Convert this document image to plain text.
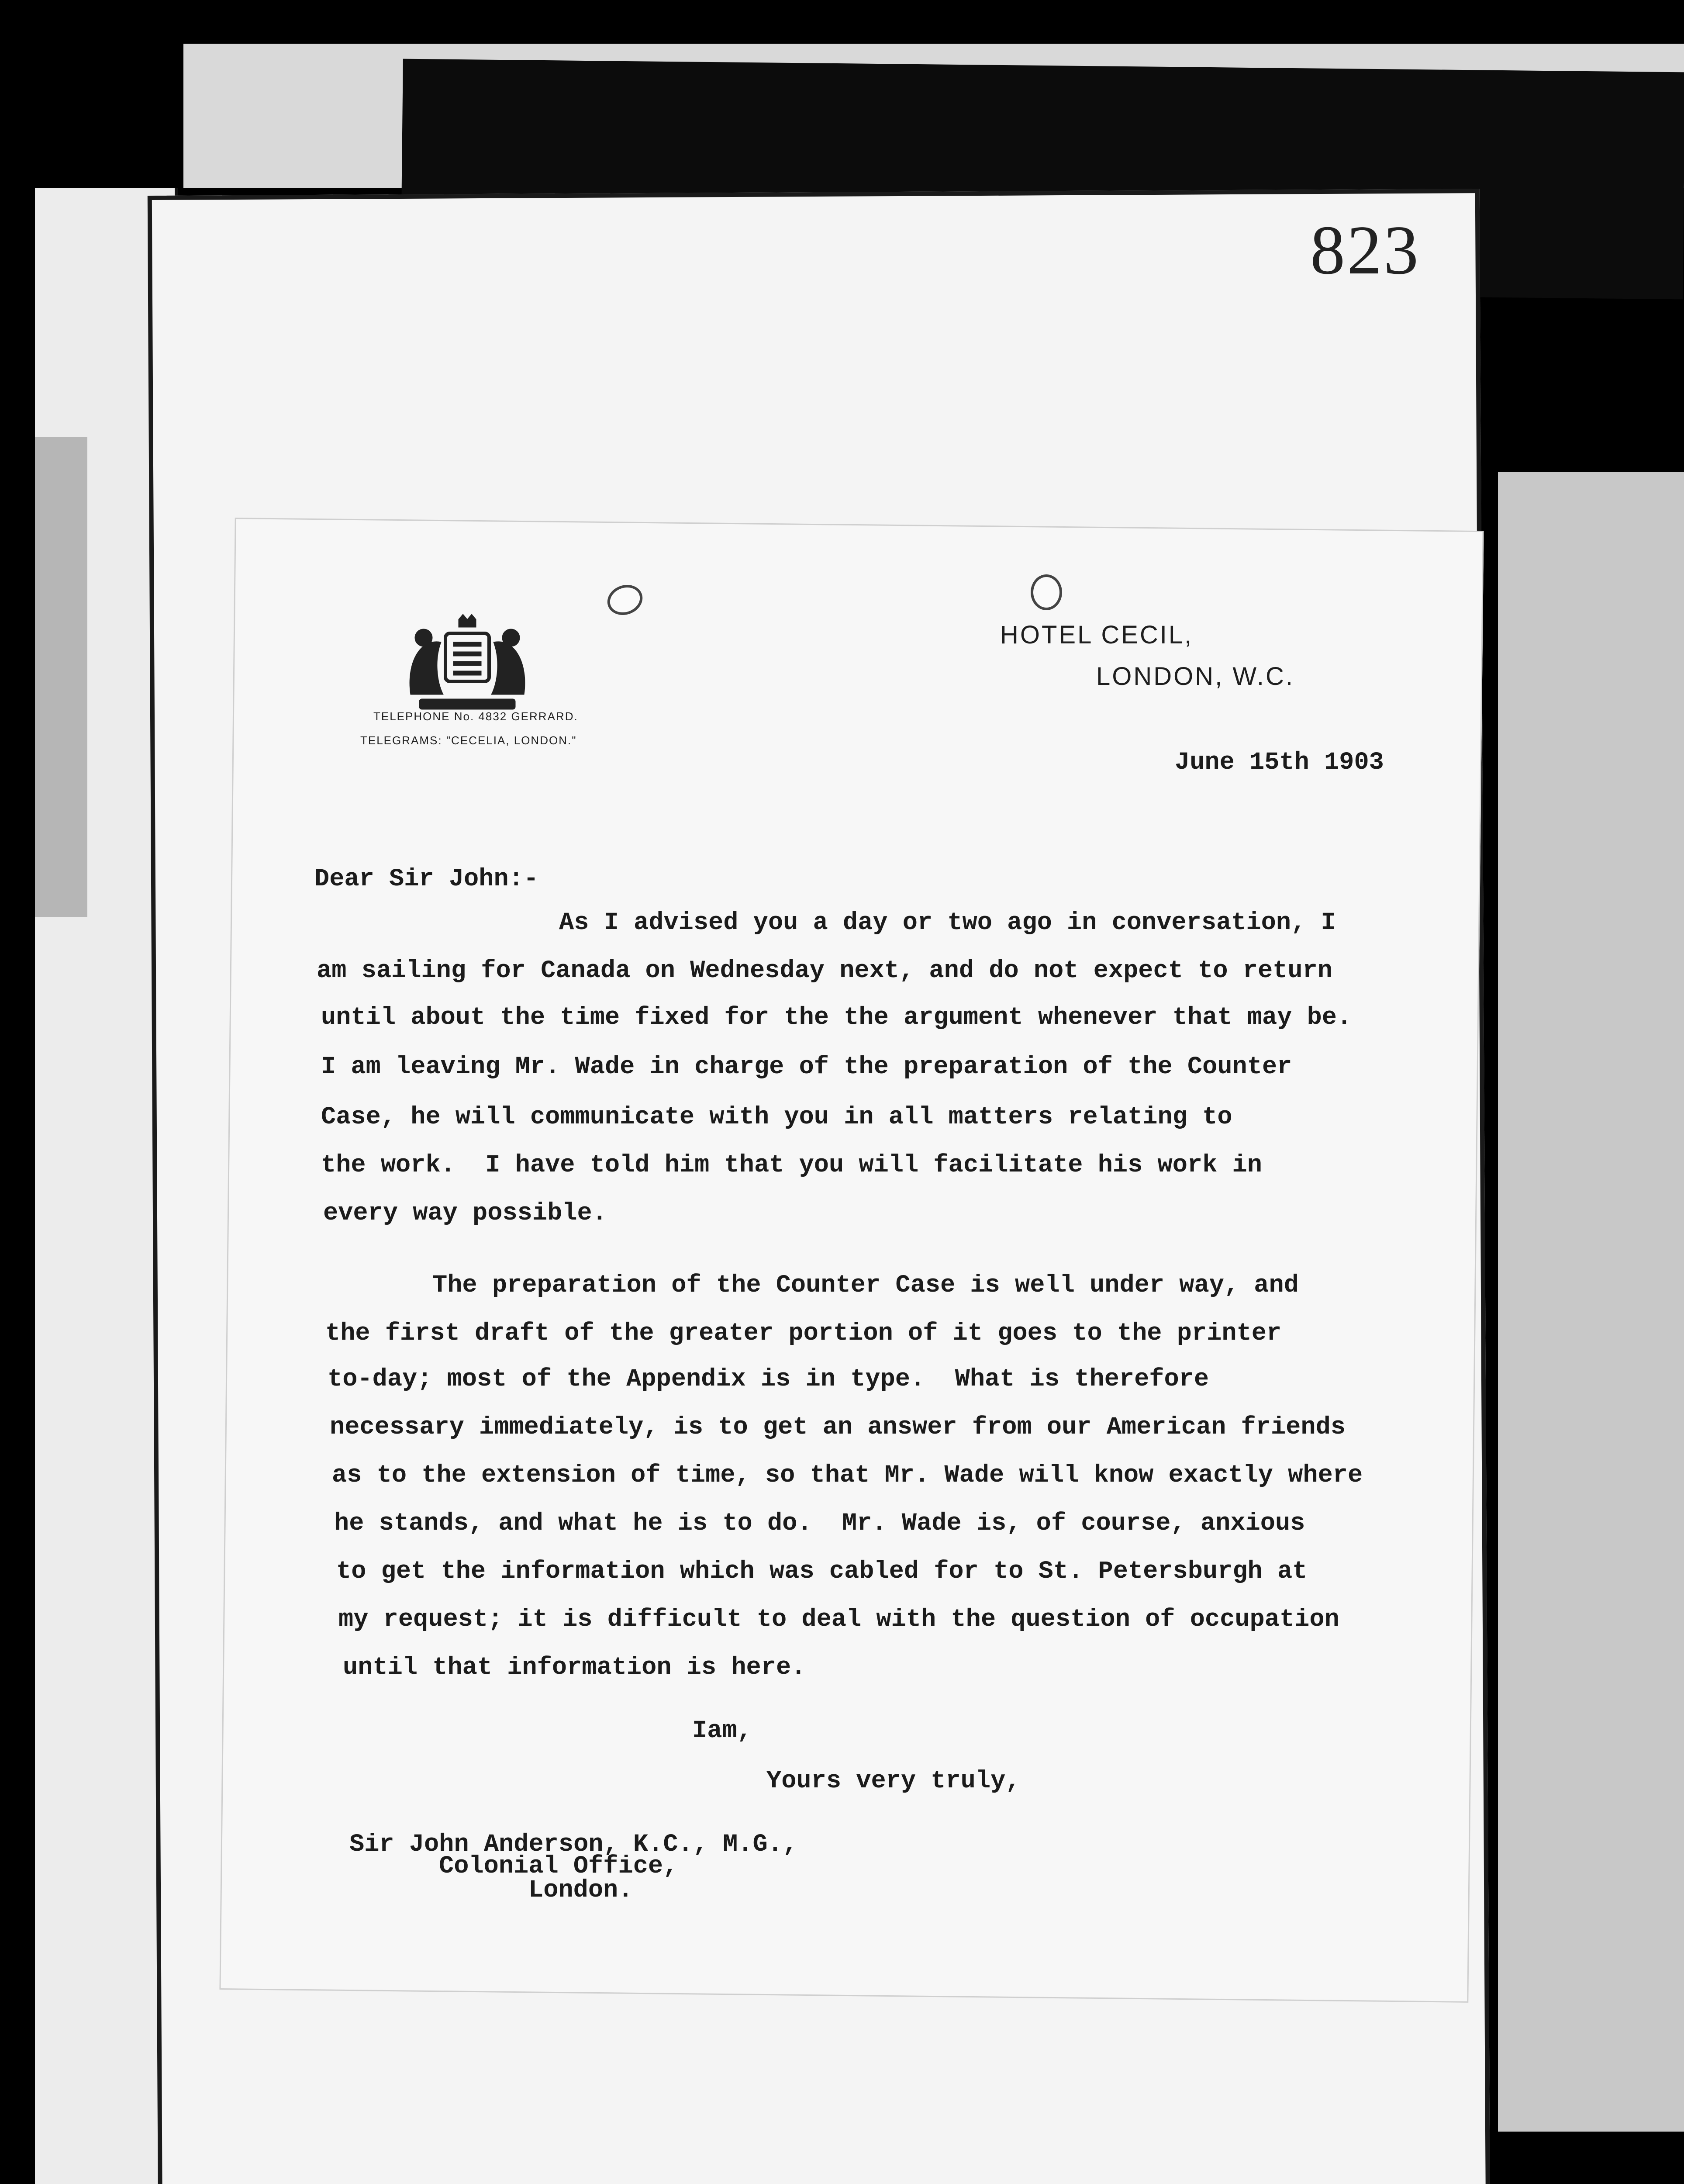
823
TELEPHONE No. 4832 GERRARD.
TELEGRAMS: "CECELIA, LONDON."
HOTEL CECIL,
LONDON, W.C.
June 15th 1903
Dear Sir John:-
As I advised you a day or two ago in conversation, I
am sailing for Canada on Wednesday next, and do not expect to return
until about the time fixed for the the argument whenever that may be.
I am leaving Mr. Wade in charge of the preparation of the Counter
Case, he will communicate with you in all matters relating to
the work.  I have told him that you will facilitate his work in
every way possible.
The preparation of the Counter Case is well under way, and
the first draft of the greater portion of it goes to the printer
to-day; most of the Appendix is in type.  What is therefore
necessary immediately, is to get an answer from our American friends
as to the extension of time, so that Mr. Wade will know exactly where
he stands, and what he is to do.  Mr. Wade is, of course, anxious
to get the information which was cabled for to St. Petersburgh at
my request; it is difficult to deal with the question of occupation
until that information is here.
Iam,
Yours very truly,
Sir John Anderson, K.C., M.G.,
Colonial Office,
London.
